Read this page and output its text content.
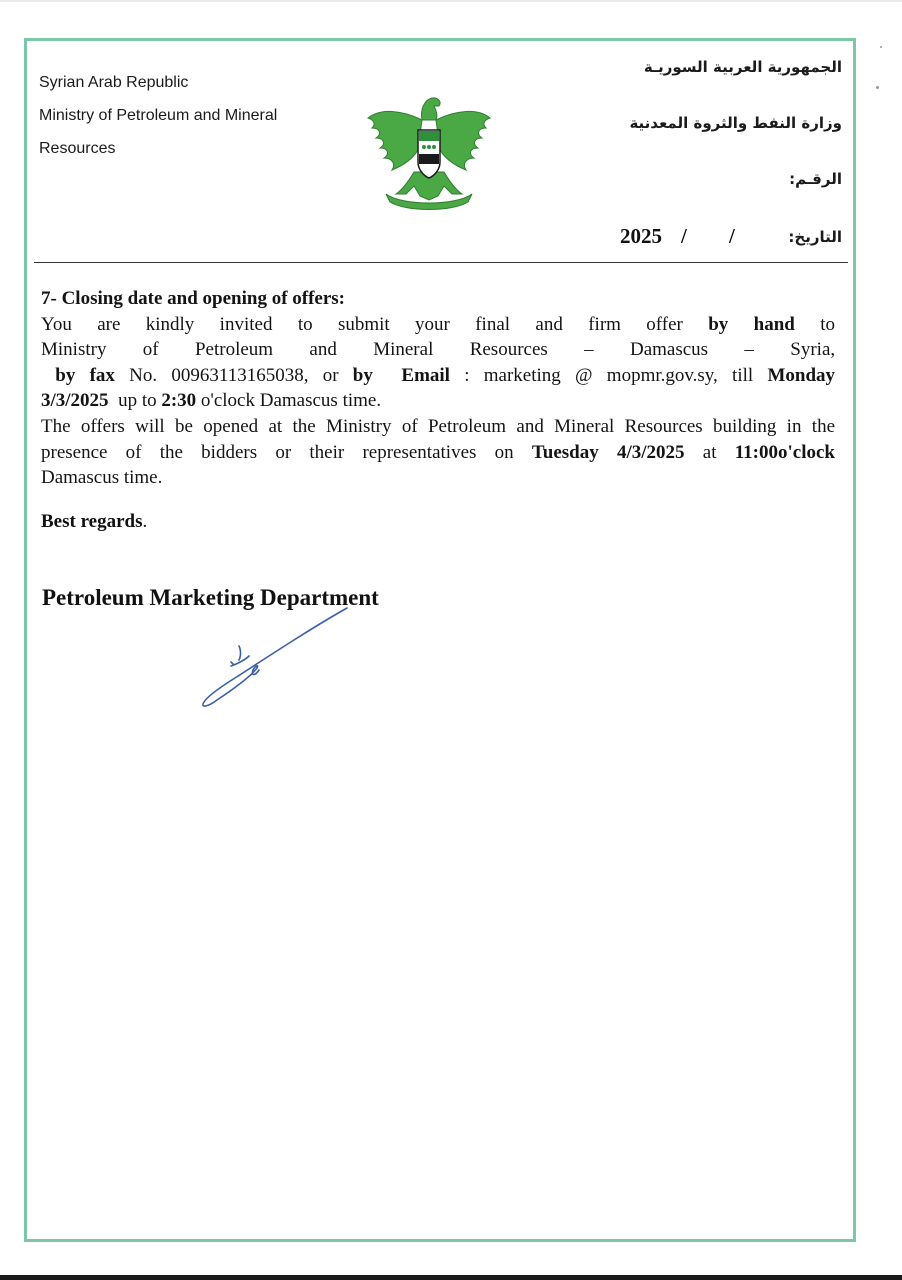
Syrian Arab Republic
Ministry of Petroleum and Mineral
Resources
الجمهورية العربية السوريـة
وزارة النفط والثروة المعدنية
الرقـم:
التاريخ:
2025 / /

7- Closing date and opening of offers:

You are kindly invited to submit your final and firm offer by hand to

Ministry of Petroleum and Mineral Resources – Damascus – Syria,

by fax No. 00963113165038, or by Email : marketing @ mopmr.gov.sy, till Monday

3/3/2025  up to 2:30 o'clock Damascus time.

The offers will be opened at the Ministry of Petroleum and Mineral Resources building in the

presence of the bidders or their representatives on Tuesday 4/3/2025 at 11:00o'clock

Damascus time.

Best regards.
Petroleum Marketing Department
